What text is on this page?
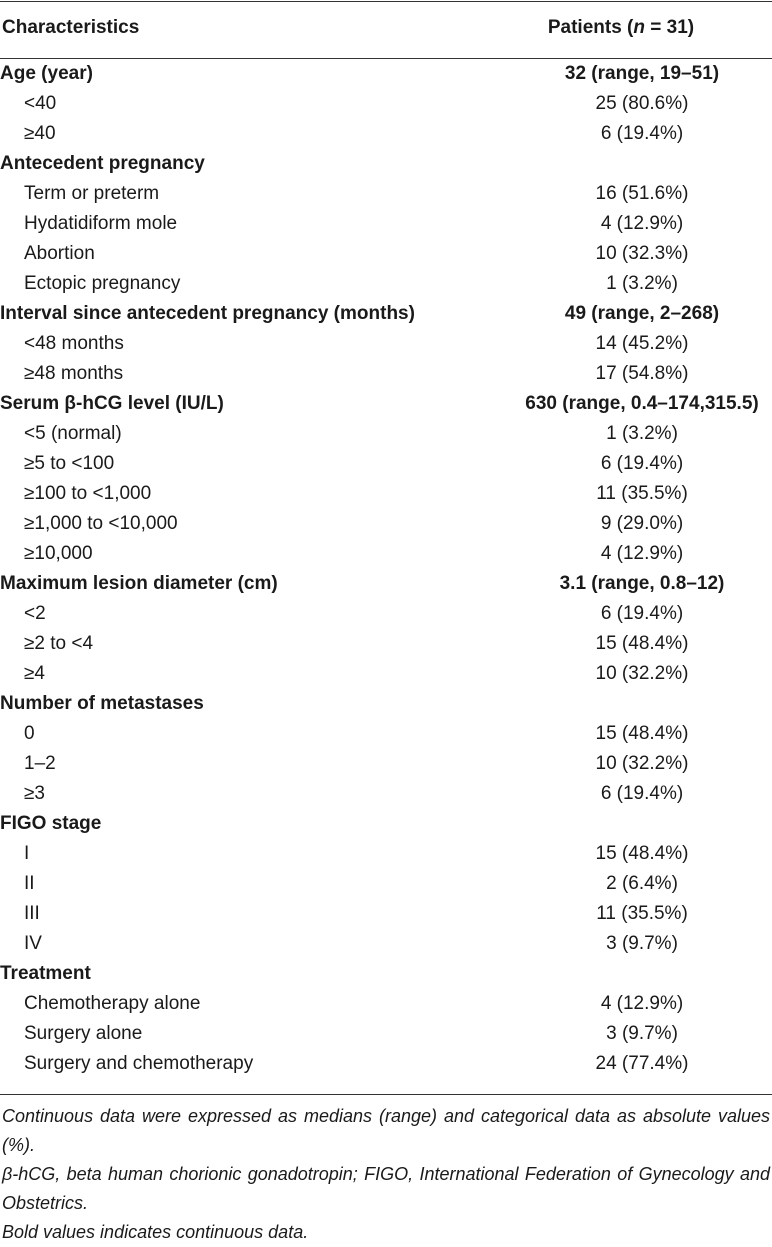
Characteristics	Patients (n = 31)
Age (year)	32 (range, 19–51)
<40	25 (80.6%)
≥40	6 (19.4%)
Antecedent pregnancy	
Term or preterm	16 (51.6%)
Hydatidiform mole	4 (12.9%)
Abortion	10 (32.3%)
Ectopic pregnancy	1 (3.2%)
Interval since antecedent pregnancy (months)	49 (range, 2–268)
<48 months	14 (45.2%)
≥48 months	17 (54.8%)
Serum β-hCG level (IU/L)	630 (range, 0.4–174,315.5)
<5 (normal)	1 (3.2%)
≥5 to <100	6 (19.4%)
≥100 to <1,000	11 (35.5%)
≥1,000 to <10,000	9 (29.0%)
≥10,000	4 (12.9%)
Maximum lesion diameter (cm)	3.1 (range, 0.8–12)
<2	6 (19.4%)
≥2 to <4	15 (48.4%)
≥4	10 (32.2%)
Number of metastases	
0	15 (48.4%)
1–2	10 (32.2%)
≥3	6 (19.4%)
FIGO stage	
I	15 (48.4%)
II	2 (6.4%)
III	11 (35.5%)
IV	3 (9.7%)
Treatment	
Chemotherapy alone	4 (12.9%)
Surgery alone	3 (9.7%)
Surgery and chemotherapy	24 (77.4%)

Continuous data were expressed as medians (range) and categorical data as absolute values (%).

β-hCG, beta human chorionic gonadotropin; FIGO, International Federation of Gynecology and Obstetrics.

Bold values indicates continuous data.
